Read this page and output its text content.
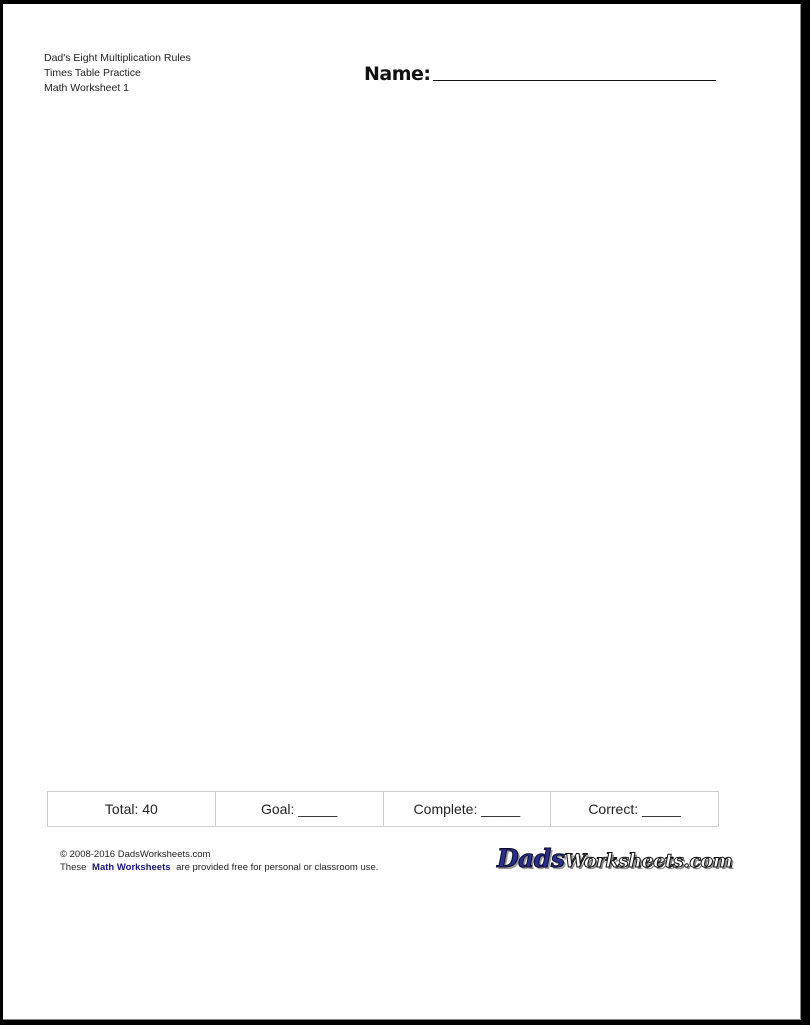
Dad's Eight Multiplication Rules
Times Table Practice
Math Worksheet 1
Name:
Total: 40	Goal: _____	Complete: _____	Correct: _____
© 2008-2016 DadsWorksheets.com
These Math Worksheets are provided free for personal or classroom use.	DadsWorksheets.com
